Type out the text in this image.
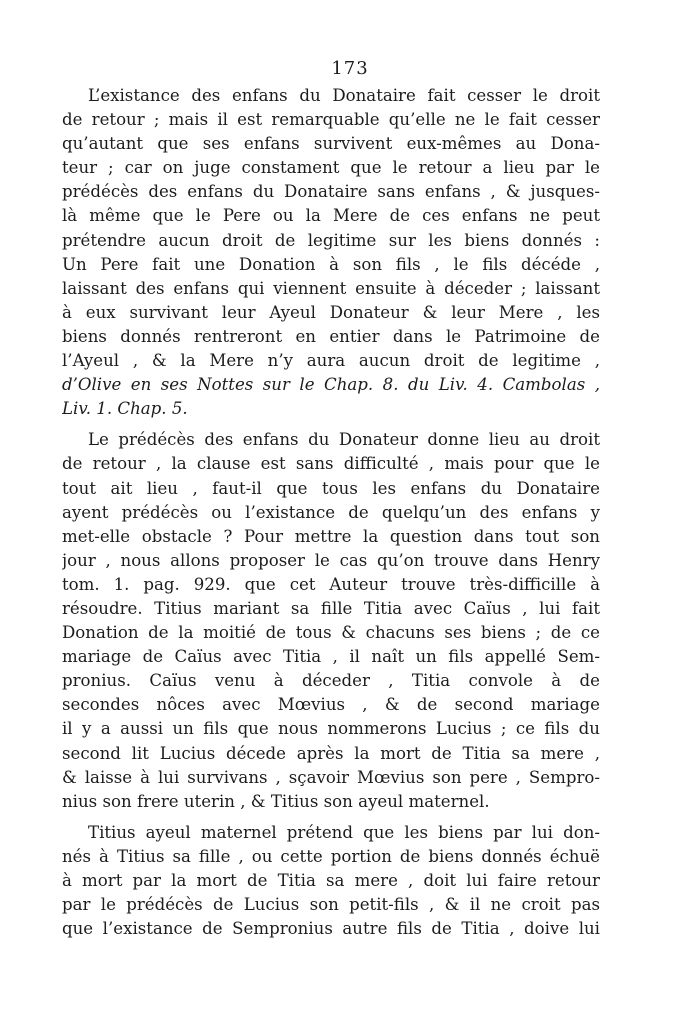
173
L’existance des enfans du Donataire fait cesser le droit
de retour ; mais il est remarquable qu’elle ne le fait cesser
qu’autant que ses enfans survivent eux-mêmes au Dona-
teur ; car on juge constament que le retour a lieu par le
prédécès des enfans du Donataire sans enfans , & jusques-
là même que le Pere ou la Mere de ces enfans ne peut
prétendre aucun droit de legitime sur les biens donnés :
Un Pere fait une Donation à son fils , le fils décéde ,
laissant des enfans qui viennent ensuite à déceder ; laissant
à eux survivant leur Ayeul Donateur & leur Mere , les
biens donnés rentreront en entier dans le Patrimoine de
l’Ayeul , & la Mere n’y aura aucun droit de legitime ,
d’Olive en ses Nottes sur le Chap. 8. du Liv. 4. Cambolas ,
Liv. 1. Chap. 5.
Le prédécès des enfans du Donateur donne lieu au droit
de retour , la clause est sans difficulté , mais pour que le
tout ait lieu , faut-il que tous les enfans du Donataire
ayent prédécès ou l’existance de quelqu’un des enfans y
met-elle obstacle ? Pour mettre la question dans tout son
jour , nous allons proposer le cas qu’on trouve dans Henry
tom. 1. pag. 929. que cet Auteur trouve très-difficille à
résoudre. Titius mariant sa fille Titia avec Caïus , lui fait
Donation de la moitié de tous & chacuns ses biens ; de ce
mariage de Caïus avec Titia , il naît un fils appellé Sem-
pronius. Caïus venu à déceder , Titia convole à de
secondes nôces avec Mœvius , & de second mariage
il y a aussi un fils que nous nommerons Lucius ; ce fils du
second lit Lucius décede après la mort de Titia sa mere ,
& laisse à lui survivans , sçavoir Mœvius son pere , Sempro-
nius son frere uterin , & Titius son ayeul maternel.
Titius ayeul maternel prétend que les biens par lui don-
nés à Titius sa fille , ou cette portion de biens donnés échuë
à mort par la mort de Titia sa mere , doit lui faire retour
par le prédécès de Lucius son petit-fils , & il ne croit pas
que l’existance de Sempronius autre fils de Titia , doive lui
